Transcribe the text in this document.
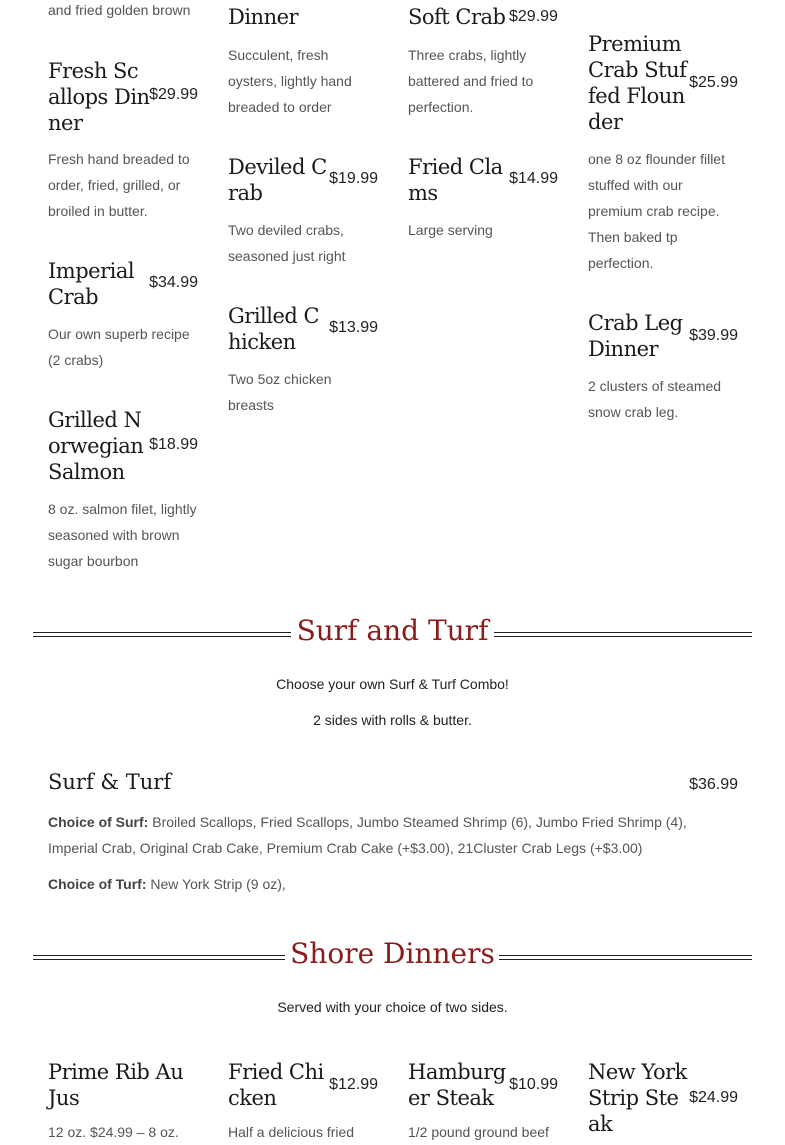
and fried golden brown	Dinner	Soft Crab $29.99
Fresh Scallops Dinner
$29.99
Fresh hand breaded to order, fried, grilled, or broiled in butter.
Imperial Crab
$34.99
Our own superb recipe (2 crabs)
Grilled Norwegian Salmon
$18.99
8 oz. salmon filet, lightly seasoned with brown sugar bourbon
Succulent, fresh oysters, lightly hand breaded to order
Deviled Crab
$19.99
Two deviled crabs, seasoned just right
Grilled Chicken
$13.99
Two 5oz chicken breasts
Three crabs, lightly battered and fried to perfection.
Fried Clams
$14.99
Large serving
Premium Crab Stuffed Flounder
$25.99
one 8 oz flounder fillet stuffed with our premium crab recipe. Then baked tp perfection.
Crab Leg Dinner
$39.99
2 clusters of steamed snow crab leg.
Surf and Turf
Choose your own Surf & Turf Combo!
2 sides with rolls & butter.
Surf & Turf	$36.99
Choice of Surf: Broiled Scallops, Fried Scallops, Jumbo Steamed Shrimp (6), Jumbo Fried Shrimp (4), Imperial Crab, Original Crab Cake, Premium Crab Cake (+$3.00), 21Cluster Crab Legs (+$3.00)
Choice of Turf: New York Strip (9 oz),
Shore Dinners
Served with your choice of two sides.
Prime Rib Au Jus
12 oz. $24.99 – 8 oz.
Fried Chicken
$12.99
Half a delicious fried
Hamburger Steak
$10.99
1/2 pound ground beef
New York Strip Steak
$24.99
